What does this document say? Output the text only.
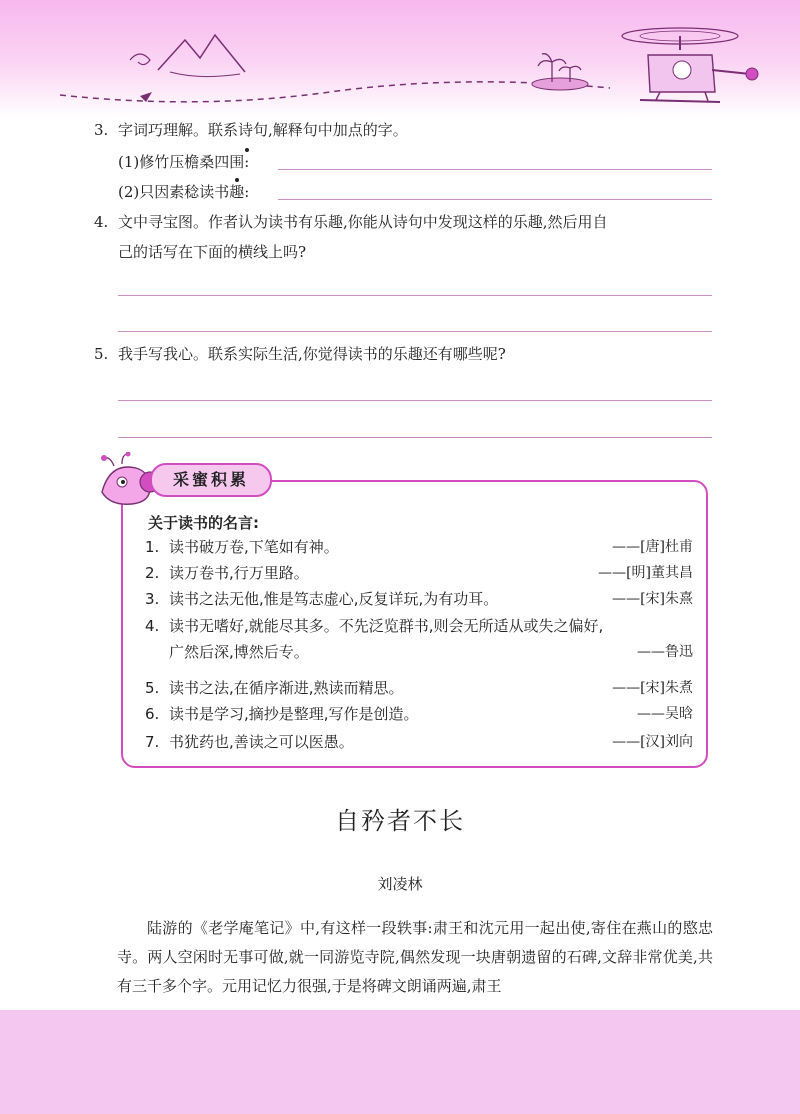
3. 字词巧理解。联系诗句,解释句中加点的字。
(1)修竹压檐桑四围:
(2)只因素稔读书趣:
4. 文中寻宝图。作者认为读书有乐趣,你能从诗句中发现这样的乐趣,然后用自
己的话写在下面的横线上吗?
5. 我手写我心。联系实际生活,你觉得读书的乐趣还有哪些呢?
采蜜积累
关于读书的名言:
1. 读书破万卷,下笔如有神。	——[唐]杜甫
2. 读万卷书,行万里路。	——[明]董其昌
3. 读书之法无他,惟是笃志虚心,反复详玩,为有功耳。	——[宋]朱熹
4. 读书无嗜好,就能尽其多。不先泛览群书,则会无所适从或失之偏好,
广然后深,博然后专。	——鲁迅
5. 读书之法,在循序渐进,熟读而精思。	——[宋]朱煮
6. 读书是学习,摘抄是整理,写作是创造。	——吴晗
7. 书犹药也,善读之可以医愚。	——[汉]刘向
自矜者不长
刘凌林
陆游的《老学庵笔记》中,有这样一段轶事:肃王和沈元用一起出使,寄住在燕山的愍忠寺。两人空闲时无事可做,就一同游览寺院,偶然发现一块唐朝遗留的石碑,文辞非常优美,共有三千多个字。元用记忆力很强,于是将碑文朗诵两遍,肃王
